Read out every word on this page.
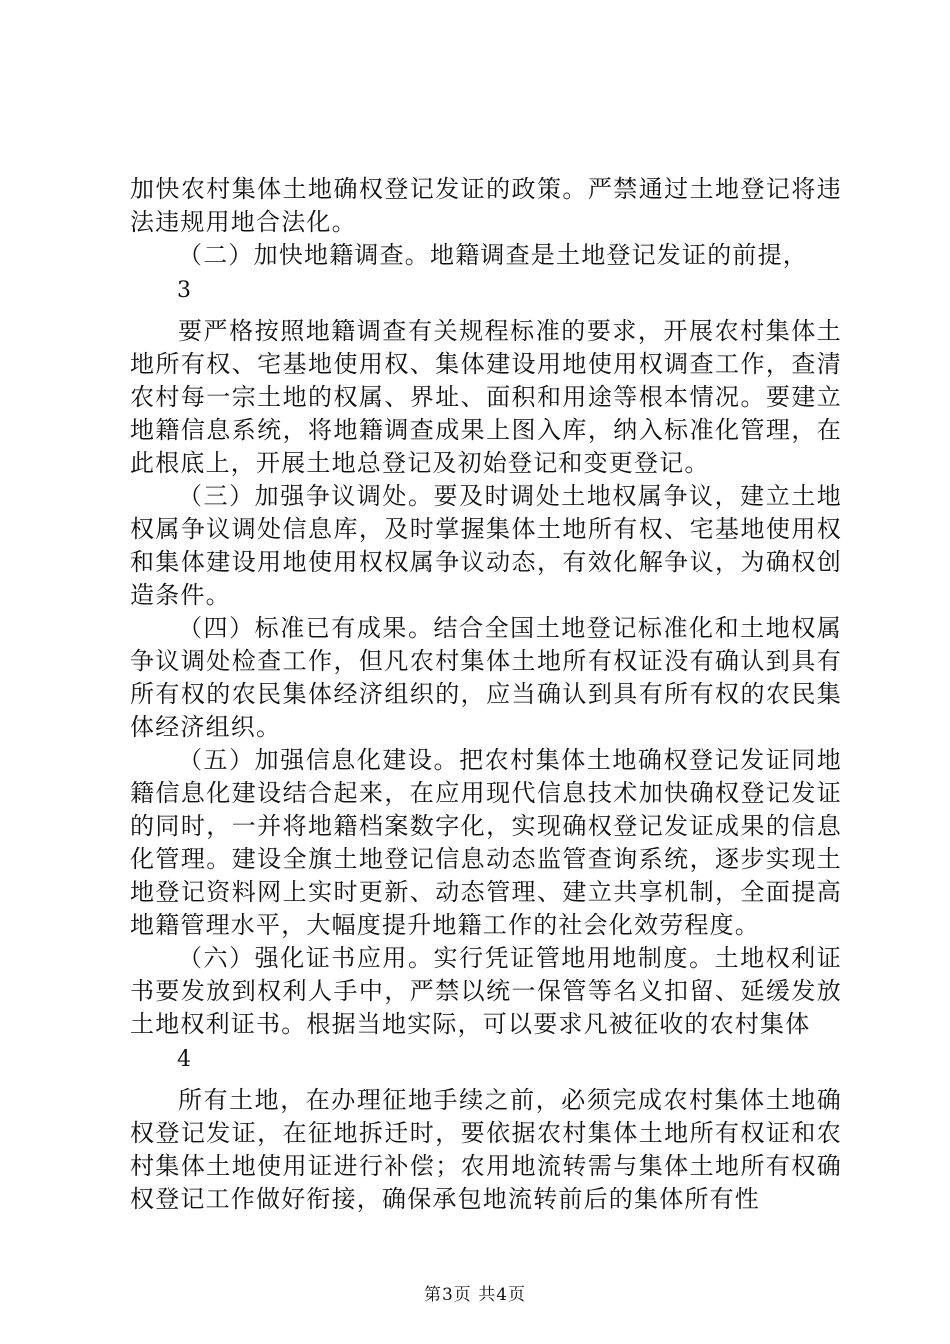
加快农村集体土地确权登记发证的政策。严禁通过土地登记将违法违规用地合法化。

（二）加快地籍调查。地籍调查是土地登记发证的前提，

3

要严格按照地籍调查有关规程标准的要求，开展农村集体土地所有权、宅基地使用权、集体建设用地使用权调查工作，查清农村每一宗土地的权属、界址、面积和用途等根本情况。要建立地籍信息系统，将地籍调查成果上图入库，纳入标准化管理，在此根底上，开展土地总登记及初始登记和变更登记。

（三）加强争议调处。要及时调处土地权属争议，建立土地权属争议调处信息库，及时掌握集体土地所有权、宅基地使用权和集体建设用地使用权权属争议动态，有效化解争议，为确权创造条件。

（四）标准已有成果。结合全国土地登记标准化和土地权属争议调处检查工作，但凡农村集体土地所有权证没有确认到具有所有权的农民集体经济组织的，应当确认到具有所有权的农民集体经济组织。

（五）加强信息化建设。把农村集体土地确权登记发证同地籍信息化建设结合起来，在应用现代信息技术加快确权登记发证的同时，一并将地籍档案数字化，实现确权登记发证成果的信息化管理。建设全旗土地登记信息动态监管查询系统，逐步实现土地登记资料网上实时更新、动态管理、建立共享机制，全面提高地籍管理水平，大幅度提升地籍工作的社会化效劳程度。

（六）强化证书应用。实行凭证管地用地制度。土地权利证书要发放到权利人手中，严禁以统一保管等名义扣留、延缓发放土地权利证书。根据当地实际，可以要求凡被征收的农村集体

4

所有土地，在办理征地手续之前，必须完成农村集体土地确权登记发证，在征地拆迁时，要依据农村集体土地所有权证和农村集体土地使用证进行补偿；农用地流转需与集体土地所有权确权登记工作做好衔接，确保承包地流转前后的集体所有性

第3页 共4页
